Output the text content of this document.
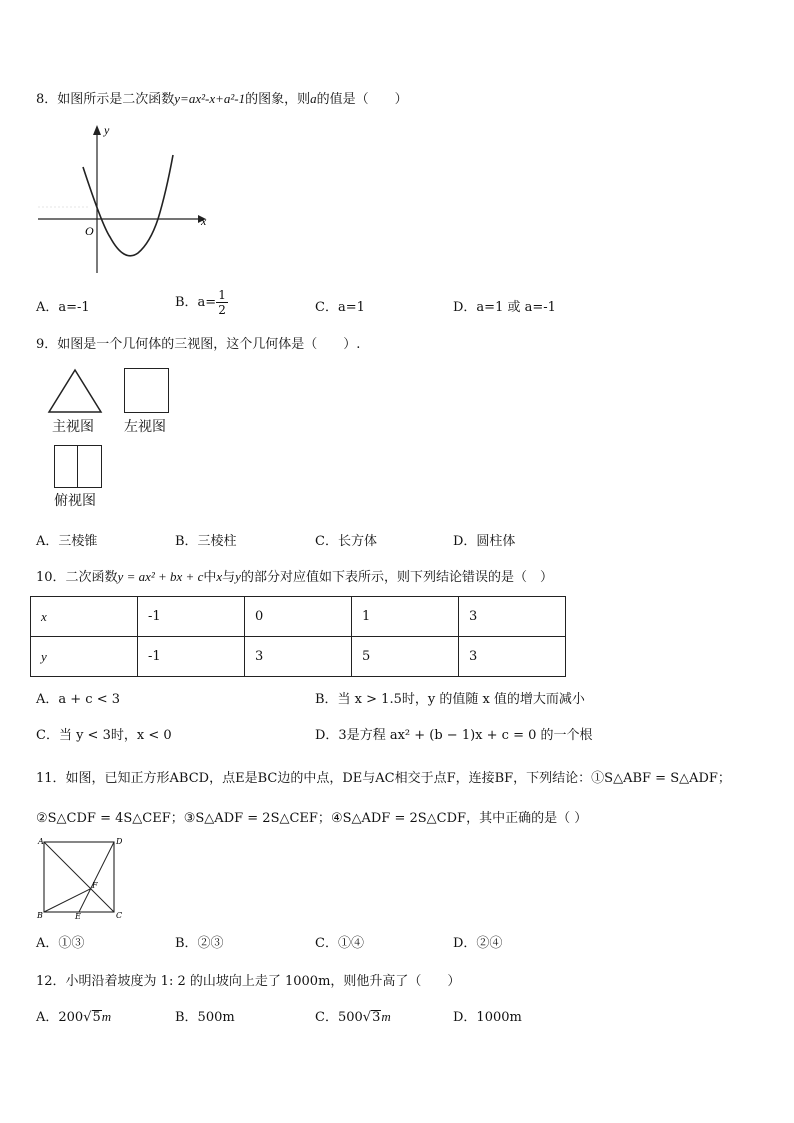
8．如图所示是二次函数y=ax²-x+a²-1的图象，则a的值是（　　）
y
x
O
A．a=-1	B．$a= \frac{1}{2}$	C．a=1	D．a=1 或 a=-1
9．如图是一个几何体的三视图，这个几何体是（　　）.
主视图 左视图
俯视图
A．三棱锥	B．三棱柱	C．长方体	D．圆柱体
10．二次函数y = ax² + bx + c中x与y的部分对应值如下表所示，则下列结论错误的是（　）
x	-1	0	1	3
y	-1	3	5	3
A．a + c < 3	B．当 x > 1.5时，y 的值随 x 值的增大而减小
C．当 y < 3时，x < 0	D．3是方程 ax² + (b − 1)x + c = 0 的一个根
11．如图，已知正方形ABCD，点E是BC边的中点，DE与AC相交于点F，连接BF，下列结论：①S△ABF = S△ADF；
②S△CDF = 4S△CEF；③S△ADF = 2S△CEF；④S△ADF = 2S△CDF，其中正确的是（ ）
A	D
B	C
E
F
A．①③	B．②③	C．①④	D．②④
12．小明沿着坡度为 1: 2 的山坡向上走了 1000m，则他升高了（　　）
A．200√5m	B．500m	C．500√3m	D．1000m
